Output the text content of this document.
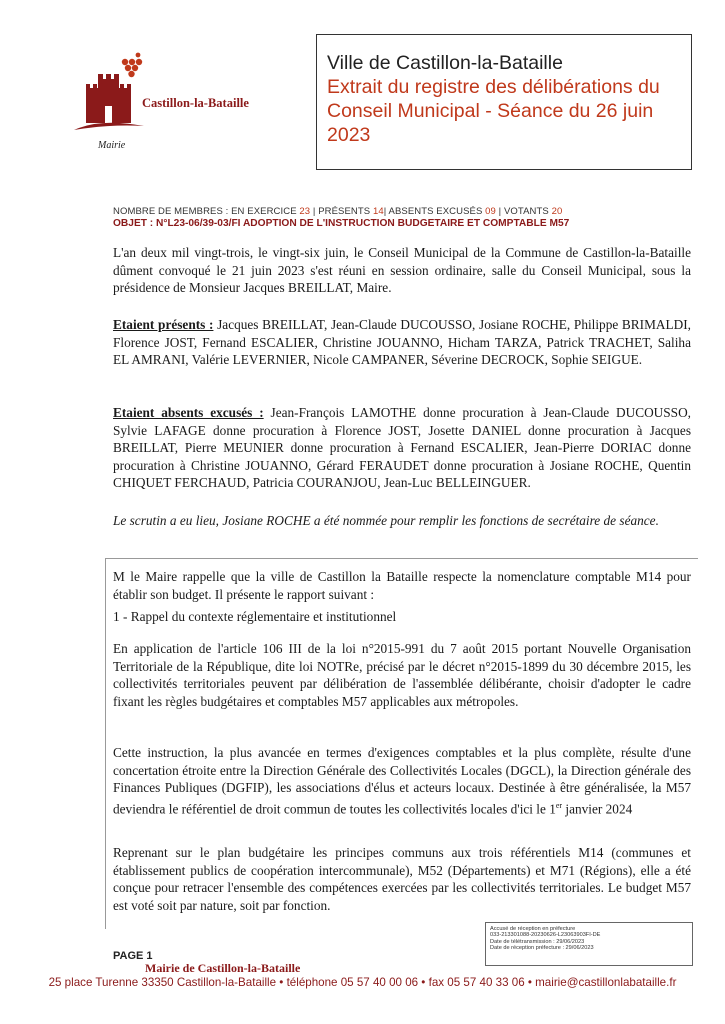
Castillon-la-Bataille
Mairie
Ville de Castillon-la-Bataille
Extrait du registre des délibérations du
Conseil Municipal - Séance du 26 juin
2023
NOMBRE DE MEMBRES : EN EXERCICE 23 | PRÉSENTS 14| ABSENTS EXCUSÉS 09 | VOTANTS 20
OBJET : N°L23-06/39-03/FI ADOPTION DE L'INSTRUCTION BUDGETAIRE ET COMPTABLE M57
L'an deux mil vingt-trois, le vingt-six juin, le Conseil Municipal de la Commune de Castillon-la-Bataille dûment convoqué le 21 juin 2023 s'est réuni en session ordinaire, salle du Conseil Municipal, sous la présidence de Monsieur Jacques BREILLAT, Maire.
Etaient présents : Jacques BREILLAT, Jean-Claude DUCOUSSO, Josiane ROCHE, Philippe BRIMALDI, Florence JOST, Fernand ESCALIER, Christine JOUANNO, Hicham TARZA, Patrick TRACHET, Saliha EL AMRANI, Valérie LEVERNIER, Nicole CAMPANER, Séverine DECROCK, Sophie SEIGUE.
Etaient absents excusés : Jean-François LAMOTHE donne procuration à Jean-Claude DUCOUSSO, Sylvie LAFAGE donne procuration à Florence JOST, Josette DANIEL donne procuration à Jacques BREILLAT, Pierre MEUNIER donne procuration à Fernand ESCALIER, Jean-Pierre DORIAC donne procuration à Christine JOUANNO, Gérard FERAUDET donne procuration à Josiane ROCHE, Quentin CHIQUET FERCHAUD, Patricia COURANJOU, Jean-Luc BELLEINGUER.
Le scrutin a eu lieu, Josiane ROCHE a été nommée pour remplir les fonctions de secrétaire de séance.
M le Maire rappelle que la ville de Castillon la Bataille respecte la nomenclature comptable M14 pour établir son budget. Il présente le rapport suivant :
1 - Rappel du contexte réglementaire et institutionnel
En application de l'article 106 III de la loi n°2015-991 du 7 août 2015 portant Nouvelle Organisation Territoriale de la République, dite loi NOTRe, précisé par le décret n°2015-1899 du 30 décembre 2015, les collectivités territoriales peuvent par délibération de l'assemblée délibérante, choisir d'adopter le cadre fixant les règles budgétaires et comptables M57 applicables aux métropoles.
Cette instruction, la plus avancée en termes d'exigences comptables et la plus complète, résulte d'une concertation étroite entre la Direction Générale des Collectivités Locales (DGCL), la Direction générale des Finances Publiques (DGFIP), les associations d'élus et acteurs locaux. Destinée à être généralisée, la M57 deviendra le référentiel de droit commun de toutes les collectivités locales d'ici le 1er janvier 2024
Reprenant sur le plan budgétaire les principes communs aux trois référentiels M14 (communes et établissement publics de coopération intercommunale), M52 (Départements) et M71 (Régions), elle a été conçue pour retracer l'ensemble des compétences exercées par les collectivités territoriales. Le budget M57 est voté soit par nature, soit par fonction.
Accusé de réception en préfecture
033-213301088-20230626-L23063903FI-DE
Date de télétransmission : 29/06/2023
Date de réception préfecture : 29/06/2023
PAGE 1
Mairie de Castillon-la-Bataille
25 place Turenne 33350 Castillon-la-Bataille • téléphone 05 57 40 00 06 • fax 05 57 40 33 06 • mairie@castillonlabataille.fr
